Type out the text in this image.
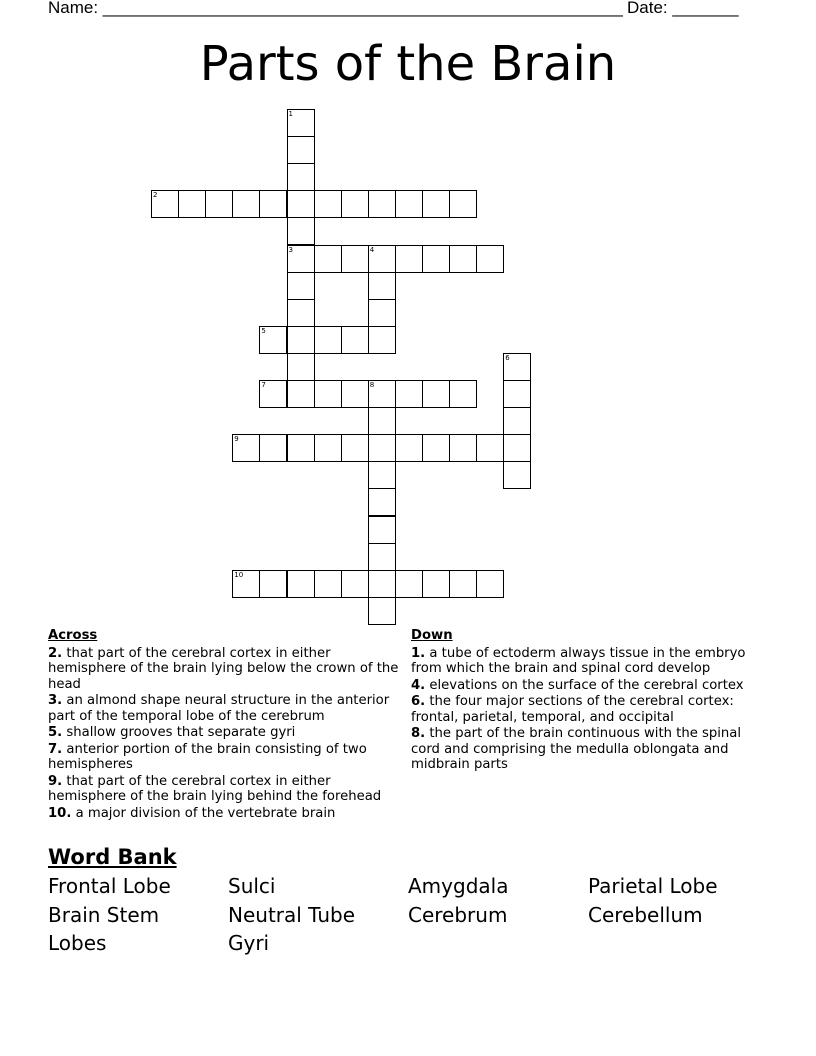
Name: _______________________________________________________ Date: _______
Parts of the Brain
2
3	4
5
7	8
9
10
1
6
Across
2. that part of the cerebral cortex in either hemisphere of the brain lying below the crown of the head
3. an almond shape neural structure in the anterior part of the temporal lobe of the cerebrum
5. shallow grooves that separate gyri
7. anterior portion of the brain consisting of two hemispheres
9. that part of the cerebral cortex in either hemisphere of the brain lying behind the forehead
10. a major division of the vertebrate brain
Down
1. a tube of ectoderm always tissue in the embryo from which the brain and spinal cord develop
4. elevations on the surface of the cerebral cortex
6. the four major sections of the cerebral cortex: frontal, parietal, temporal, and occipital
8. the part of the brain continuous with the spinal cord and comprising the medulla oblongata and midbrain parts
Word Bank
Frontal Lobe	Sulci	Amygdala	Parietal Lobe
Brain Stem	Neutral Tube	Cerebrum	Cerebellum
Lobes	Gyri
